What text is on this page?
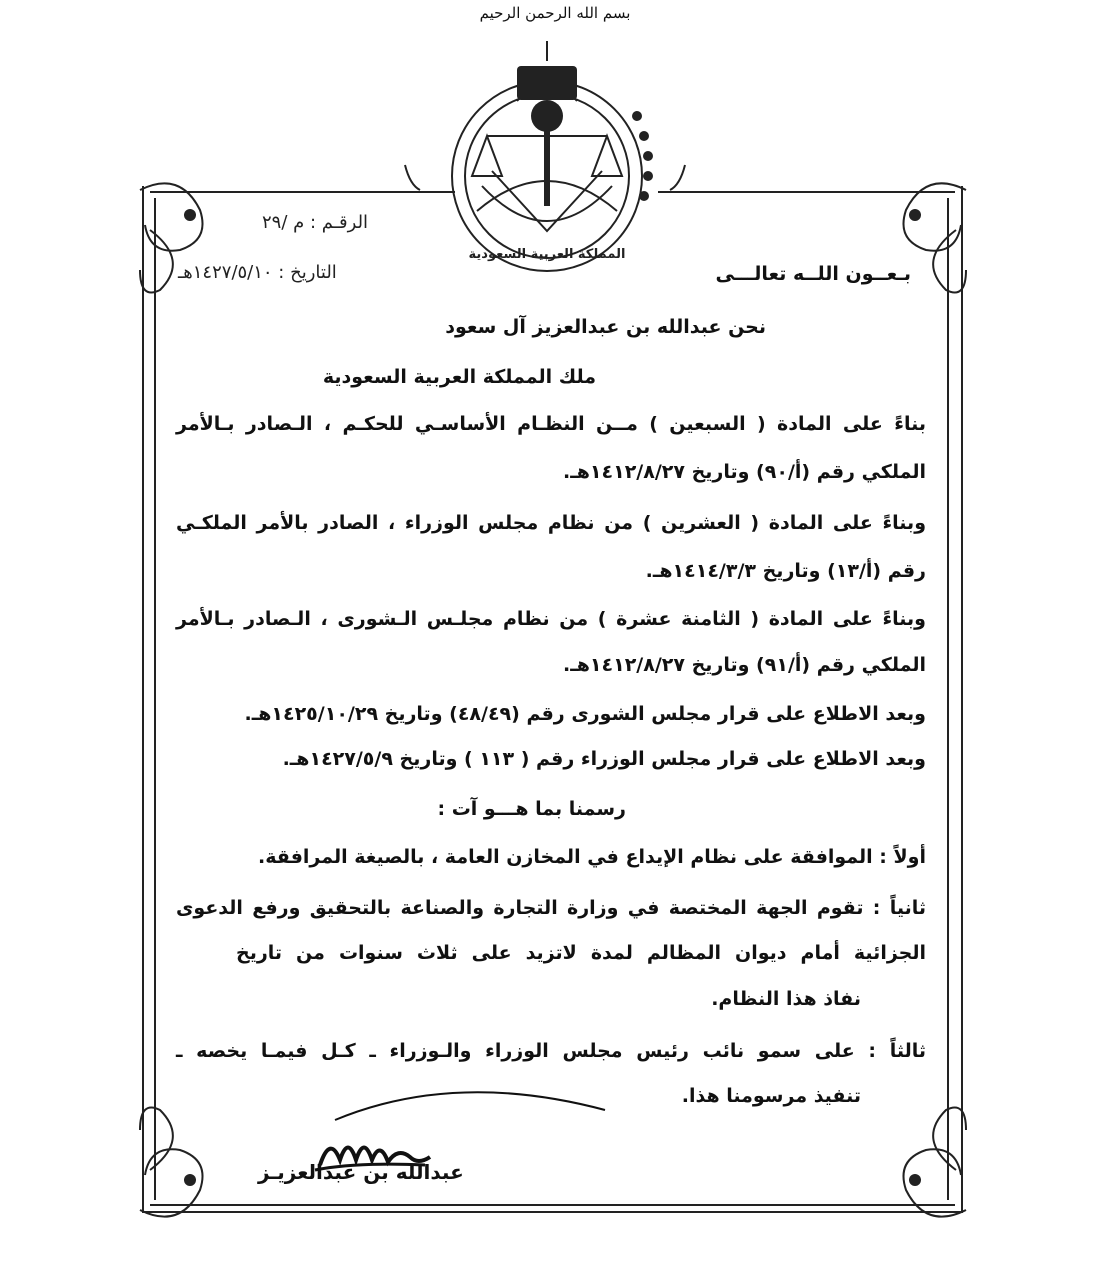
بسم الله الرحمن الرحيم
المملكة العربية السعودية
الرقـم : م /٢٩
التاريخ : ١٤٢٧/٥/١٠هـ	بـعــون اللــه تعالـــى
نحن عبدالله بن عبدالعزيز آل سعود
ملك المملكة العربية السعودية
بناءً على المادة ( السبعين ) مــن النظـام الأساسـي للحكـم ، الـصادر بـالأمر
الملكي رقم (أ/٩٠) وتاريخ ١٤١٢/٨/٢٧هـ.
وبناءً على المادة ( العشرين ) من نظام مجلس الوزراء ، الصادر بالأمر الملكـي
رقم (أ/١٣) وتاريخ ١٤١٤/٣/٣هـ.
وبناءً على المادة ( الثامنة عشرة ) من نظام مجلـس الـشورى ، الـصادر بـالأمر
الملكي رقم (أ/٩١) وتاريخ ١٤١٢/٨/٢٧هـ.
وبعد الاطلاع على قرار مجلس الشورى رقم (٤٨/٤٩) وتاريخ ١٤٢٥/١٠/٢٩هـ.
وبعد الاطلاع على قرار مجلس الوزراء رقم ( ١١٣ ) وتاريخ ١٤٢٧/٥/٩هـ.
رسمنا بما هـــو آت :
أولاً : الموافقة على نظام الإيداع في المخازن العامة ، بالصيغة المرافقة.
ثانياً : تقوم الجهة المختصة في وزارة التجارة والصناعة بالتحقيق ورفع الدعوى
الجزائية أمام ديوان المظالم لمدة لاتزيد على ثلاث سنوات من تاريخ
نفاذ هذا النظام.
ثالثاً : على سمو نائب رئيس مجلس الوزراء والـوزراء ـ كـل فيمـا يخصه ـ
تنفيذ مرسومنا هذا.
عبدالله بن عبدالعزيـز
